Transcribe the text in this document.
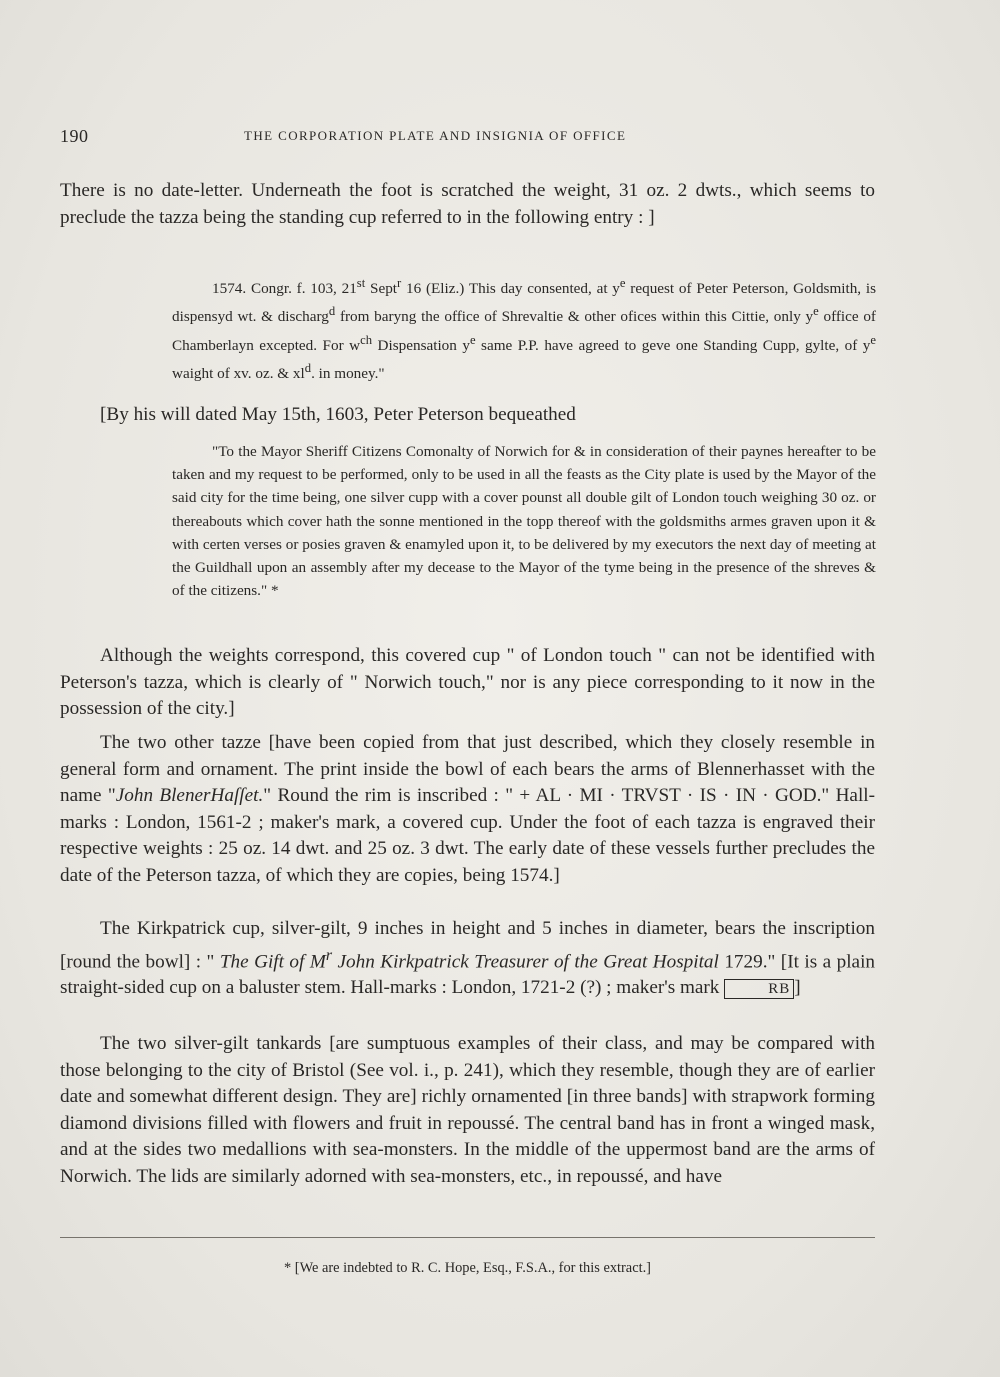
190	THE CORPORATION PLATE AND INSIGNIA OF OFFICE

There is no date-letter. Underneath the foot is scratched the weight, 31 oz. 2 dwts., which seems to preclude the tazza being the standing cup referred to in the following entry : ]

1574. Congr. f. 103, 21st Sept$^r$ 16 (Eliz.) This day consented, at $y^e$ request of Peter Peterson, Goldsmith, is dispensyd wt. & discharg$^d$ from baryng the office of Shrevaltie & other ofices within this Cittie, only $y^e$ office of Chamberlayn excepted. For $w^{ch}$ Dispensation $y^e$ same P.P. have agreed to geve one Standing Cupp, gylte, of $y^e$ waight of xv. oz. & $xl^d$. in money."

[By his will dated May 15th, 1603, Peter Peterson bequeathed

"To the Mayor Sheriff Citizens Comonalty of Norwich for & in consideration of their paynes hereafter to be taken and my request to be performed, only to be used in all the feasts as the City plate is used by the Mayor of the said city for the time being, one silver cupp with a cover pounst all double gilt of London touch weighing 30 oz. or thereabouts which cover hath the sonne mentioned in the topp thereof with the goldsmiths armes graven upon it & with certen verses or posies graven & enamyled upon it, to be delivered by my executors the next day of meeting at the Guildhall upon an assembly after my decease to the Mayor of the tyme being in the presence of the shreves & of the citizens." *

Although the weights correspond, this covered cup " of London touch " can not be identified with Peterson's tazza, which is clearly of " Norwich touch," nor is any piece corresponding to it now in the possession of the city.]

The two other tazze [have been copied from that just described, which they closely resemble in general form and ornament. The print inside the bowl of each bears the arms of Blennerhasset with the name "John BlenerHaſſet." Round the rim is inscribed : " + AL · MI · TRVST · IS · IN · GOD." Hall-marks : London, 1561-2 ; maker's mark, a covered cup. Under the foot of each tazza is engraved their respective weights : 25 oz. 14 dwt. and 25 oz. 3 dwt. The early date of these vessels further precludes the date of the Peterson tazza, of which they are copies, being 1574.]

The Kirkpatrick cup, silver-gilt, 9 inches in height and 5 inches in diameter, bears the inscription [round the bowl] : " The Gift of $M^r$ John Kirkpatrick Treasurer of the Great Hospital 1729." [It is a plain straight-sided cup on a baluster stem. Hall-marks : London, 1721-2 (?) ; maker's mark	RB ]

The two silver-gilt tankards [are sumptuous examples of their class, and may be compared with those belonging to the city of Bristol (See vol. i., p. 241), which they resemble, though they are of earlier date and somewhat different design. They are] richly ornamented [in three bands] with strapwork forming diamond divisions filled with flowers and fruit in repoussé. The central band has in front a winged mask, and at the sides two medallions with sea-monsters. In the middle of the uppermost band are the arms of Norwich. The lids are similarly adorned with sea-monsters, etc., in repoussé, and have

* [We are indebted to R. C. Hope, Esq., F.S.A., for this extract.]
